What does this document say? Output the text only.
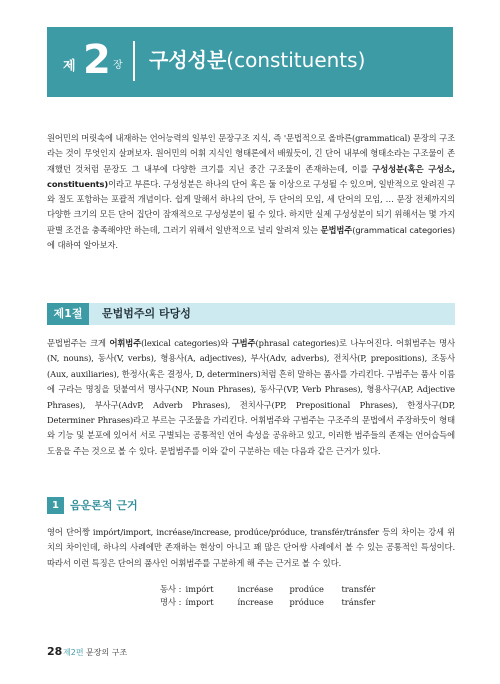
제 2 장 구성성분(constituents)
원어민의 머릿속에 내재하는 언어능력의 일부인 문장구조 지식, 즉 '문법적으로 올바른(grammatical) 문장의 구조라는 것이 무엇인지 살펴보자. 원어민의 어휘 지식인 형태론에서 배웠듯이, 긴 단어 내부에 형태소라는 구조물이 존재했던 것처럼 문장도 그 내부에 다양한 크기를 지닌 중간 구조물이 존재하는데, 이를 구성성분(혹은 구성소, constituents)이라고 부른다. 구성성분은 하나의 단어 혹은 둘 이상으로 구성될 수 있으며, 일반적으로 알려진 구와 절도 포함하는 포괄적 개념이다. 쉽게 말해서 하나의 단어, 두 단어의 모임, 세 단어의 모임, … 문장 전체까지의 다양한 크기의 모든 단어 집단이 잠재적으로 구성성분이 될 수 있다. 하지만 실제 구성성분이 되기 위해서는 몇 가지 판별 조건을 충족해야만 하는데, 그러기 위해서 일반적으로 널리 알려져 있는 문법범주(grammatical categories)에 대하여 알아보자.
제1절	문법범주의 타당성
문법범주는 크게 어휘범주(lexical categories)와 구범주(phrasal categories)로 나누어진다. 어휘범주는 명사(N, nouns), 동사(V, verbs), 형용사(A, adjectives), 부사(Adv, adverbs), 전치사(P, prepositions), 조동사(Aux, auxiliaries), 한정사(혹은 결정사, D, determiners)처럼 흔히 말하는 품사를 가리킨다. 구범주는 품사 이름에 구라는 명칭을 덧붙여서 명사구(NP, Noun Phrases), 동사구(VP, Verb Phrases), 형용사구(AP, Adjective Phrases), 부사구(AdvP, Adverb Phrases), 전치사구(PP, Prepositional Phrases), 한정사구(DP, Determiner Phrases)라고 부르는 구조물을 가리킨다. 어휘범주와 구범주는 구조주의 문법에서 주장하듯이 형태와 기능 및 분포에 있어서 서로 구별되는 공통적인 언어 속성을 공유하고 있고, 이러한 범주들의 존재는 언어습득에 도움을 주는 것으로 볼 수 있다. 문법범주를 이와 같이 구분하는 데는 다음과 같은 근거가 있다.
1	음운론적 근거
영어 단어짱 impórt/import, incréase/increase, prodúce/próduce, transfér/tránsfer 등의 차이는 강세 위치의 차이인데, 하나의 사례에만 존재하는 현상이 아니고 꽤 많은 단어쌍 사례에서 볼 수 있는 공통적인 특성이다. 따라서 이런 특징은 단어의 품사인 어휘범주를 구분하게 해 주는 근거로 볼 수 있다.
동사 :	impórt	incréase	prodúce	transfér
명사 :	ímport	íncrease	próduce	tránsfer
28 제2편 문장의 구조
